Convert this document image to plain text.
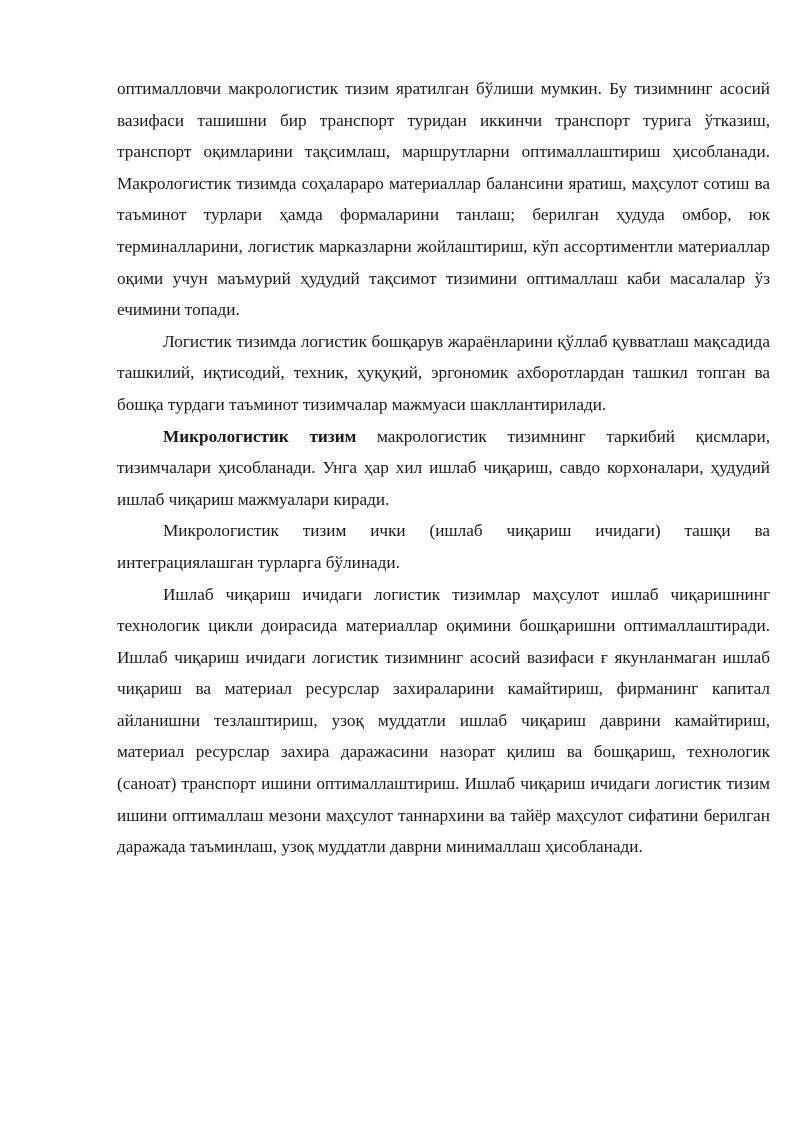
оптималловчи макрологистик тизим яратилган бўлиши мумкин. Бу тизимнинг асосий вазифаси ташишни бир транспорт туридан иккинчи транспорт турига ўтказиш, транспорт оқимларини тақсимлаш, маршрутларни оптималлаштириш ҳисобланади. Макрологистик тизимда соҳалараро материаллар балансини яратиш, маҳсулот сотиш ва таъминот турлари ҳамда формаларини танлаш; берилган ҳудуда омбор, юк терминалларини, логистик марказларни жойлаштириш, кўп ассортиментли материаллар оқими учун маъмурий ҳудудий тақсимот тизимини оптималлаш каби масалалар ўз ечимини топади.

Логистик тизимда логистик бошқарув жараёнларини қўллаб қувватлаш мақсадида ташкилий, иқтисодий, техник, ҳуқуқий, эргономик ахборотлардан ташкил топган ва бошқа турдаги таъминот тизимчалар мажмуаси шакллантирилади.

Микрологистик тизим макрологистик тизимнинг таркибий қисмлари, тизимчалари ҳисобланади. Унга ҳар хил ишлаб чиқариш, савдо корхоналари, ҳудудий ишлаб чиқариш мажмуалари киради.

Микрологистик тизим ички (ишлаб чиқариш ичидаги) ташқи ва интеграциялашган турларга бўлинади.

Ишлаб чиқариш ичидаги логистик тизимлар маҳсулот ишлаб чиқаришнинг технологик цикли доирасида материаллар оқимини бошқаришни оптималлаштиради. Ишлаб чиқариш ичидаги логистик тизимнинг асосий вазифаси ғ якунланмаган ишлаб чиқариш ва материал ресурслар захираларини камайтириш, фирманинг капитал айланишни тезлаштириш, узоқ муддатли ишлаб чиқариш даврини камайтириш, материал ресурслар захира даражасини назорат қилиш ва бошқариш, технологик (саноат) транспорт ишини оптималлаштириш. Ишлаб чиқариш ичидаги логистик тизим ишини оптималлаш мезони маҳсулот таннархини ва тайёр маҳсулот сифатини берилган даражада таъминлаш, узоқ муддатли даврни минималлаш ҳисобланади.
